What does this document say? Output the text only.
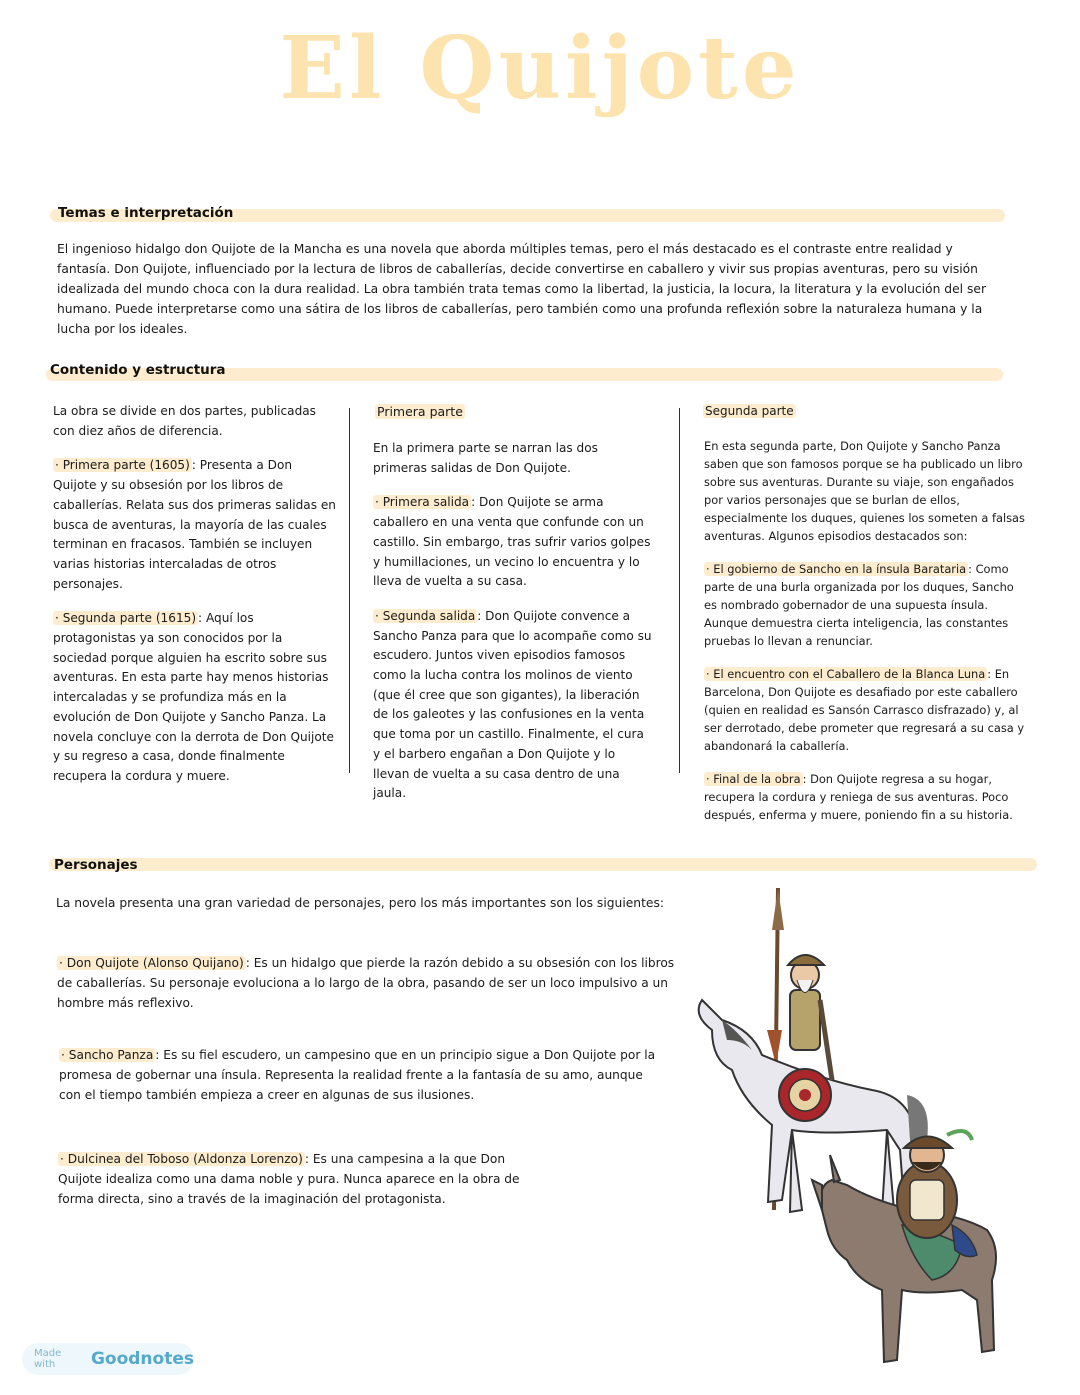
El Quijote
Temas e interpretación

El ingenioso hidalgo don Quijote de la Mancha es una novela que aborda múltiples temas, pero el más destacado es el contraste entre realidad y fantasía. Don Quijote, influenciado por la lectura de libros de caballerías, decide convertirse en caballero y vivir sus propias aventuras, pero su visión idealizada del mundo choca con la dura realidad. La obra también trata temas como la libertad, la justicia, la locura, la literatura y la evolución del ser humano. Puede interpretarse como una sátira de los libros de caballerías, pero también como una profunda reflexión sobre la naturaleza humana y la lucha por los ideales.

Contenido y estructura

La obra se divide en dos partes, publicadas con diez años de diferencia.

· Primera parte (1605) : Presenta a Don Quijote y su obsesión por los libros de caballerías. Relata sus dos primeras salidas en busca de aventuras, la mayoría de las cuales terminan en fracasos. También se incluyen varias historias intercaladas de otros personajes.

· Segunda parte (1615) : Aquí los protagonistas ya son conocidos por la sociedad porque alguien ha escrito sobre sus aventuras. En esta parte hay menos historias intercaladas y se profundiza más en la evolución de Don Quijote y Sancho Panza. La novela concluye con la derrota de Don Quijote y su regreso a casa, donde finalmente recupera la cordura y muere.

Primera parte

En la primera parte se narran las dos primeras salidas de Don Quijote.

· Primera salida : Don Quijote se arma caballero en una venta que confunde con un castillo. Sin embargo, tras sufrir varios golpes y humillaciones, un vecino lo encuentra y lo lleva de vuelta a su casa.

· Segunda salida : Don Quijote convence a Sancho Panza para que lo acompañe como su escudero. Juntos viven episodios famosos como la lucha contra los molinos de viento (que él cree que son gigantes), la liberación de los galeotes y las confusiones en la venta que toma por un castillo. Finalmente, el cura y el barbero engañan a Don Quijote y lo llevan de vuelta a su casa dentro de una jaula.

Segunda parte

En esta segunda parte, Don Quijote y Sancho Panza saben que son famosos porque se ha publicado un libro sobre sus aventuras. Durante su viaje, son engañados por varios personajes que se burlan de ellos, especialmente los duques, quienes los someten a falsas aventuras. Algunos episodios destacados son:

· El gobierno de Sancho en la ínsula Barataria : Como parte de una burla organizada por los duques, Sancho es nombrado gobernador de una supuesta ínsula. Aunque demuestra cierta inteligencia, las constantes pruebas lo llevan a renunciar.

· El encuentro con el Caballero de la Blanca Luna : En Barcelona, Don Quijote es desafiado por este caballero (quien en realidad es Sansón Carrasco disfrazado) y, al ser derrotado, debe prometer que regresará a su casa y abandonará la caballería.

· Final de la obra : Don Quijote regresa a su hogar, recupera la cordura y reniega de sus aventuras. Poco después, enferma y muere, poniendo fin a su historia.

Personajes

La novela presenta una gran variedad de personajes, pero los más importantes son los siguientes:

· Don Quijote (Alonso Quijano) : Es un hidalgo que pierde la razón debido a su obsesión con los libros de caballerías. Su personaje evoluciona a lo largo de la obra, pasando de ser un loco impulsivo a un hombre más reflexivo.

· Sancho Panza : Es su fiel escudero, un campesino que en un principio sigue a Don Quijote por la promesa de gobernar una ínsula. Representa la realidad frente a la fantasía de su amo, aunque con el tiempo también empieza a creer en algunas de sus ilusiones.

· Dulcinea del Toboso (Aldonza Lorenzo) : Es una campesina a la que Don Quijote idealiza como una dama noble y pura. Nunca aparece en la obra de forma directa, sino a través de la imaginación del protagonista.

Made with	Goodnotes
